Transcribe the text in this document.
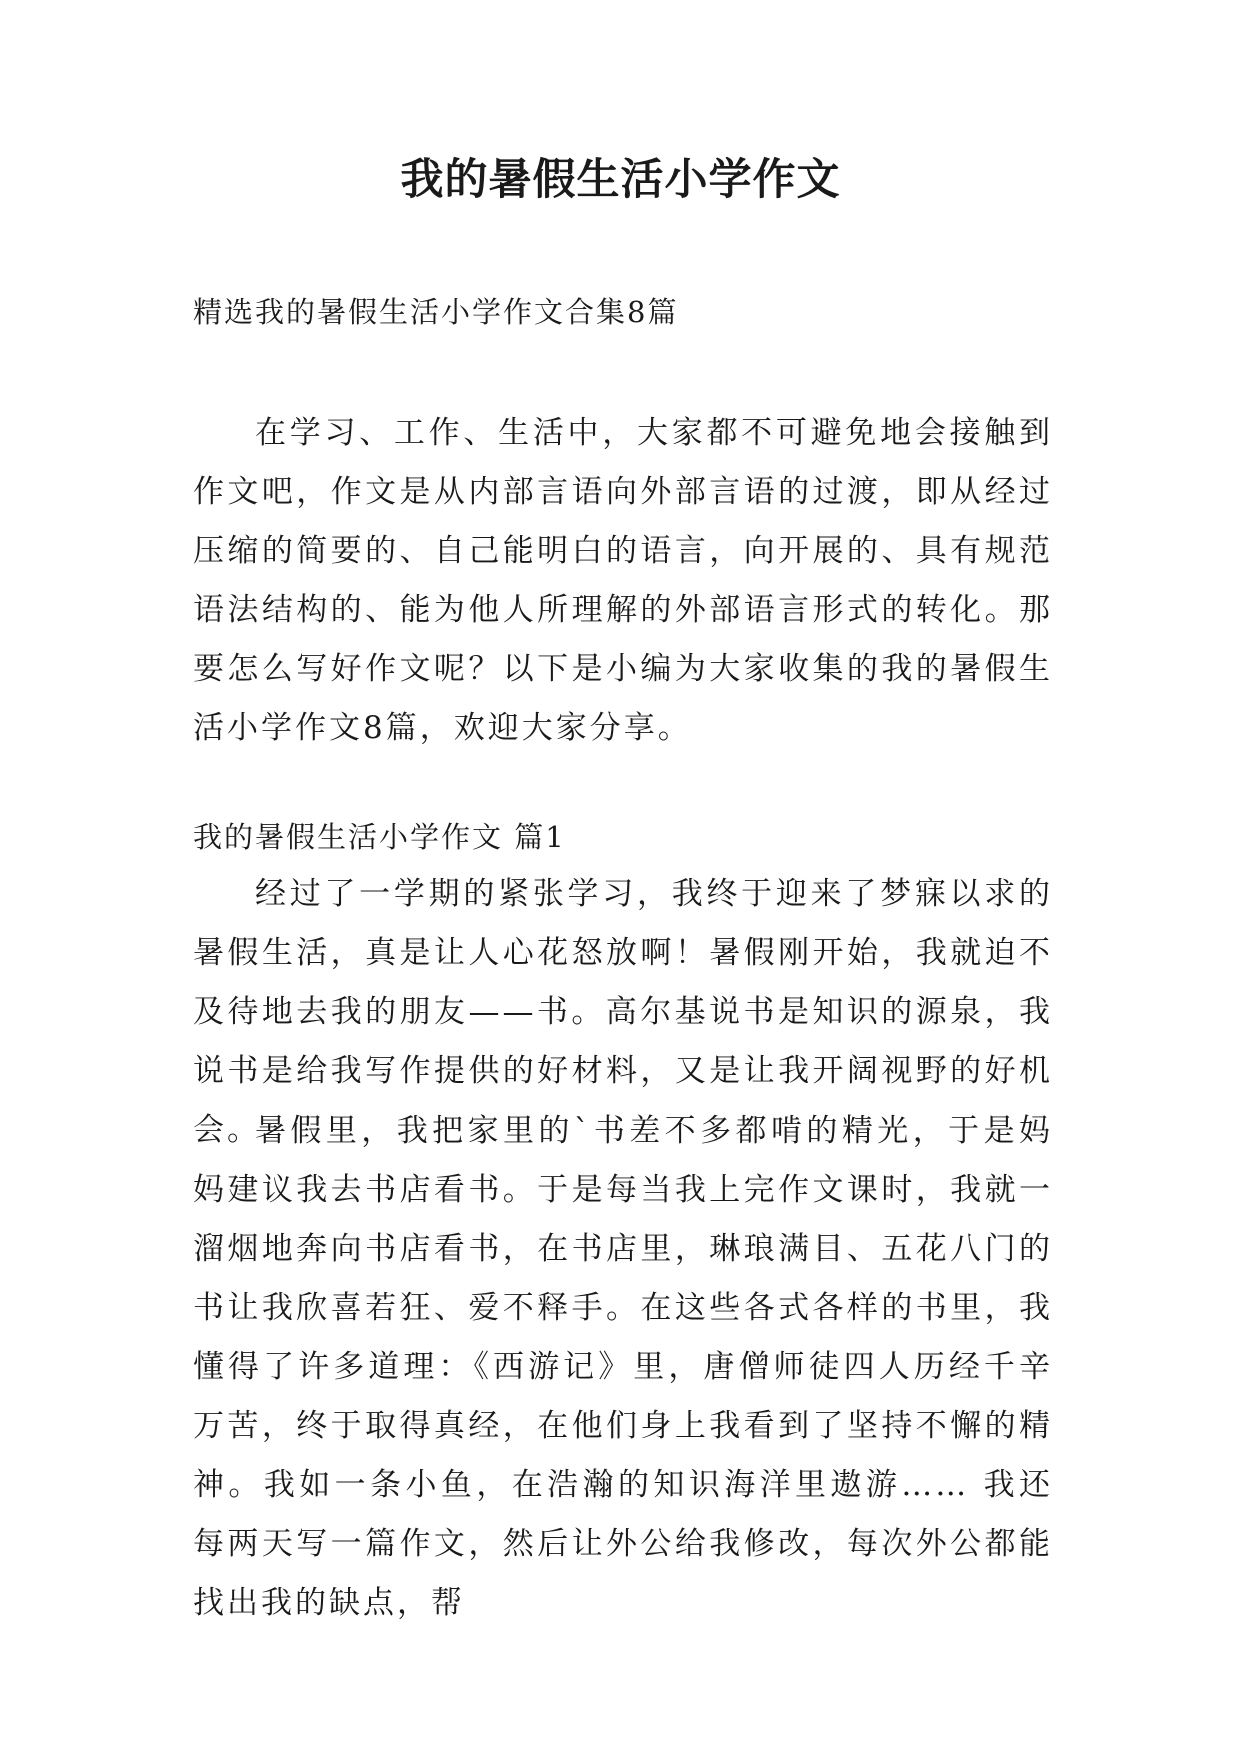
我的暑假生活小学作文
精选我的暑假生活小学作文合集8篇

在学习、工作、生活中，大家都不可避免地会接触到作文吧，作文是从内部言语向外部言语的过渡，即从经过压缩的简要的、自己能明白的语言，向开展的、具有规范语法结构的、能为他人所理解的外部语言形式的转化。那要怎么写好作文呢？以下是小编为大家收集的我的暑假生活小学作文8篇，欢迎大家分享。

我的暑假生活小学作文 篇1

经过了一学期的紧张学习，我终于迎来了梦寐以求的暑假生活，真是让人心花怒放啊！暑假刚开始，我就迫不及待地去我的朋友——书。高尔基说书是知识的源泉，我说书是给我写作提供的好材料，又是让我开阔视野的好机会。

暑假里，我把家里的`书差不多都啃的精光，于是妈妈建议我去书店看书。于是每当我上完作文课时，我就一溜烟地奔向书店看书，在书店里，琳琅满目、五花八门的书让我欣喜若狂、爱不释手。在这些各式各样的书里，我懂得了许多道理：《西游记》里，唐僧师徒四人历经千辛万苦，终于取得真经，在他们身上我看到了坚持不懈的精神。我如一条小鱼，在浩瀚的知识海洋里遨游…… 我还每两天写一篇作文，然后让外公给我修改，每次外公都能找出我的缺点，帮
